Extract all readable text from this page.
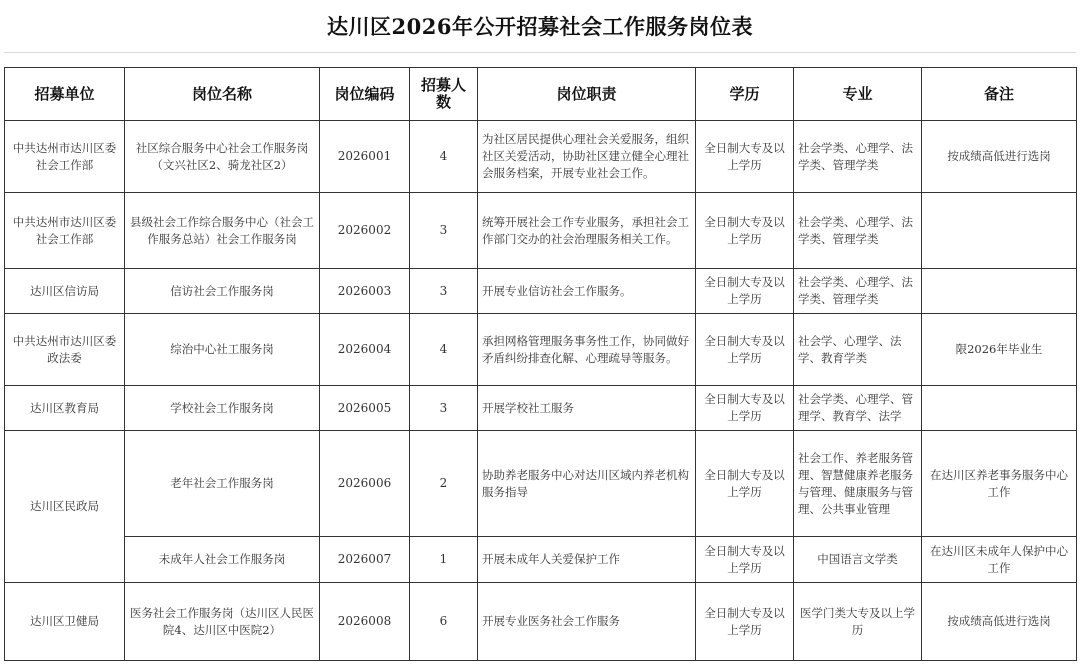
达川区2026年公开招募社会工作服务岗位表
招募单位	岗位名称	岗位编码	招募人数	岗位职责	学历	专业	备注
中共达州市达川区委社会工作部	社区综合服务中心社会工作服务岗（文兴社区2、骑龙社区2）	2026001	4	为社区居民提供心理社会关爱服务，组织社区关爱活动，协助社区建立健全心理社会服务档案，开展专业社会工作。	全日制大专及以上学历	社会学类、心理学、法学类、管理学类	按成绩高低进行选岗
中共达州市达川区委社会工作部	县级社会工作综合服务中心（社会工作服务总站）社会工作服务岗	2026002	3	统筹开展社会工作专业服务，承担社会工作部门交办的社会治理服务相关工作。	全日制大专及以上学历	社会学类、心理学、法学类、管理学类	
达川区信访局	信访社会工作服务岗	2026003	3	开展专业信访社会工作服务。	全日制大专及以上学历	社会学类、心理学、法学类、管理学类	
中共达州市达川区委政法委	综治中心社工服务岗	2026004	4	承担网格管理服务事务性工作，协同做好矛盾纠纷排查化解、心理疏导等服务。	全日制大专及以上学历	社会学、心理学、法学、教育学类	限2026年毕业生
达川区教育局	学校社会工作服务岗	2026005	3	开展学校社工服务	全日制大专及以上学历	社会学类、心理学、管理学、教育学、法学	
达川区民政局	老年社会工作服务岗	2026006	2	协助养老服务中心对达川区域内养老机构服务指导	全日制大专及以上学历	社会工作、养老服务管理、智慧健康养老服务与管理、健康服务与管理、公共事业管理	在达川区养老事务服务中心工作
	未成年人社会工作服务岗	2026007	1	开展未成年人关爱保护工作	全日制大专及以上学历	中国语言文学类	在达川区未成年人保护中心工作
达川区卫健局	医务社会工作服务岗（达川区人民医院4、达川区中医院2）	2026008	6	开展专业医务社会工作服务	全日制大专及以上学历	医学门类大专及以上学历	按成绩高低进行选岗
